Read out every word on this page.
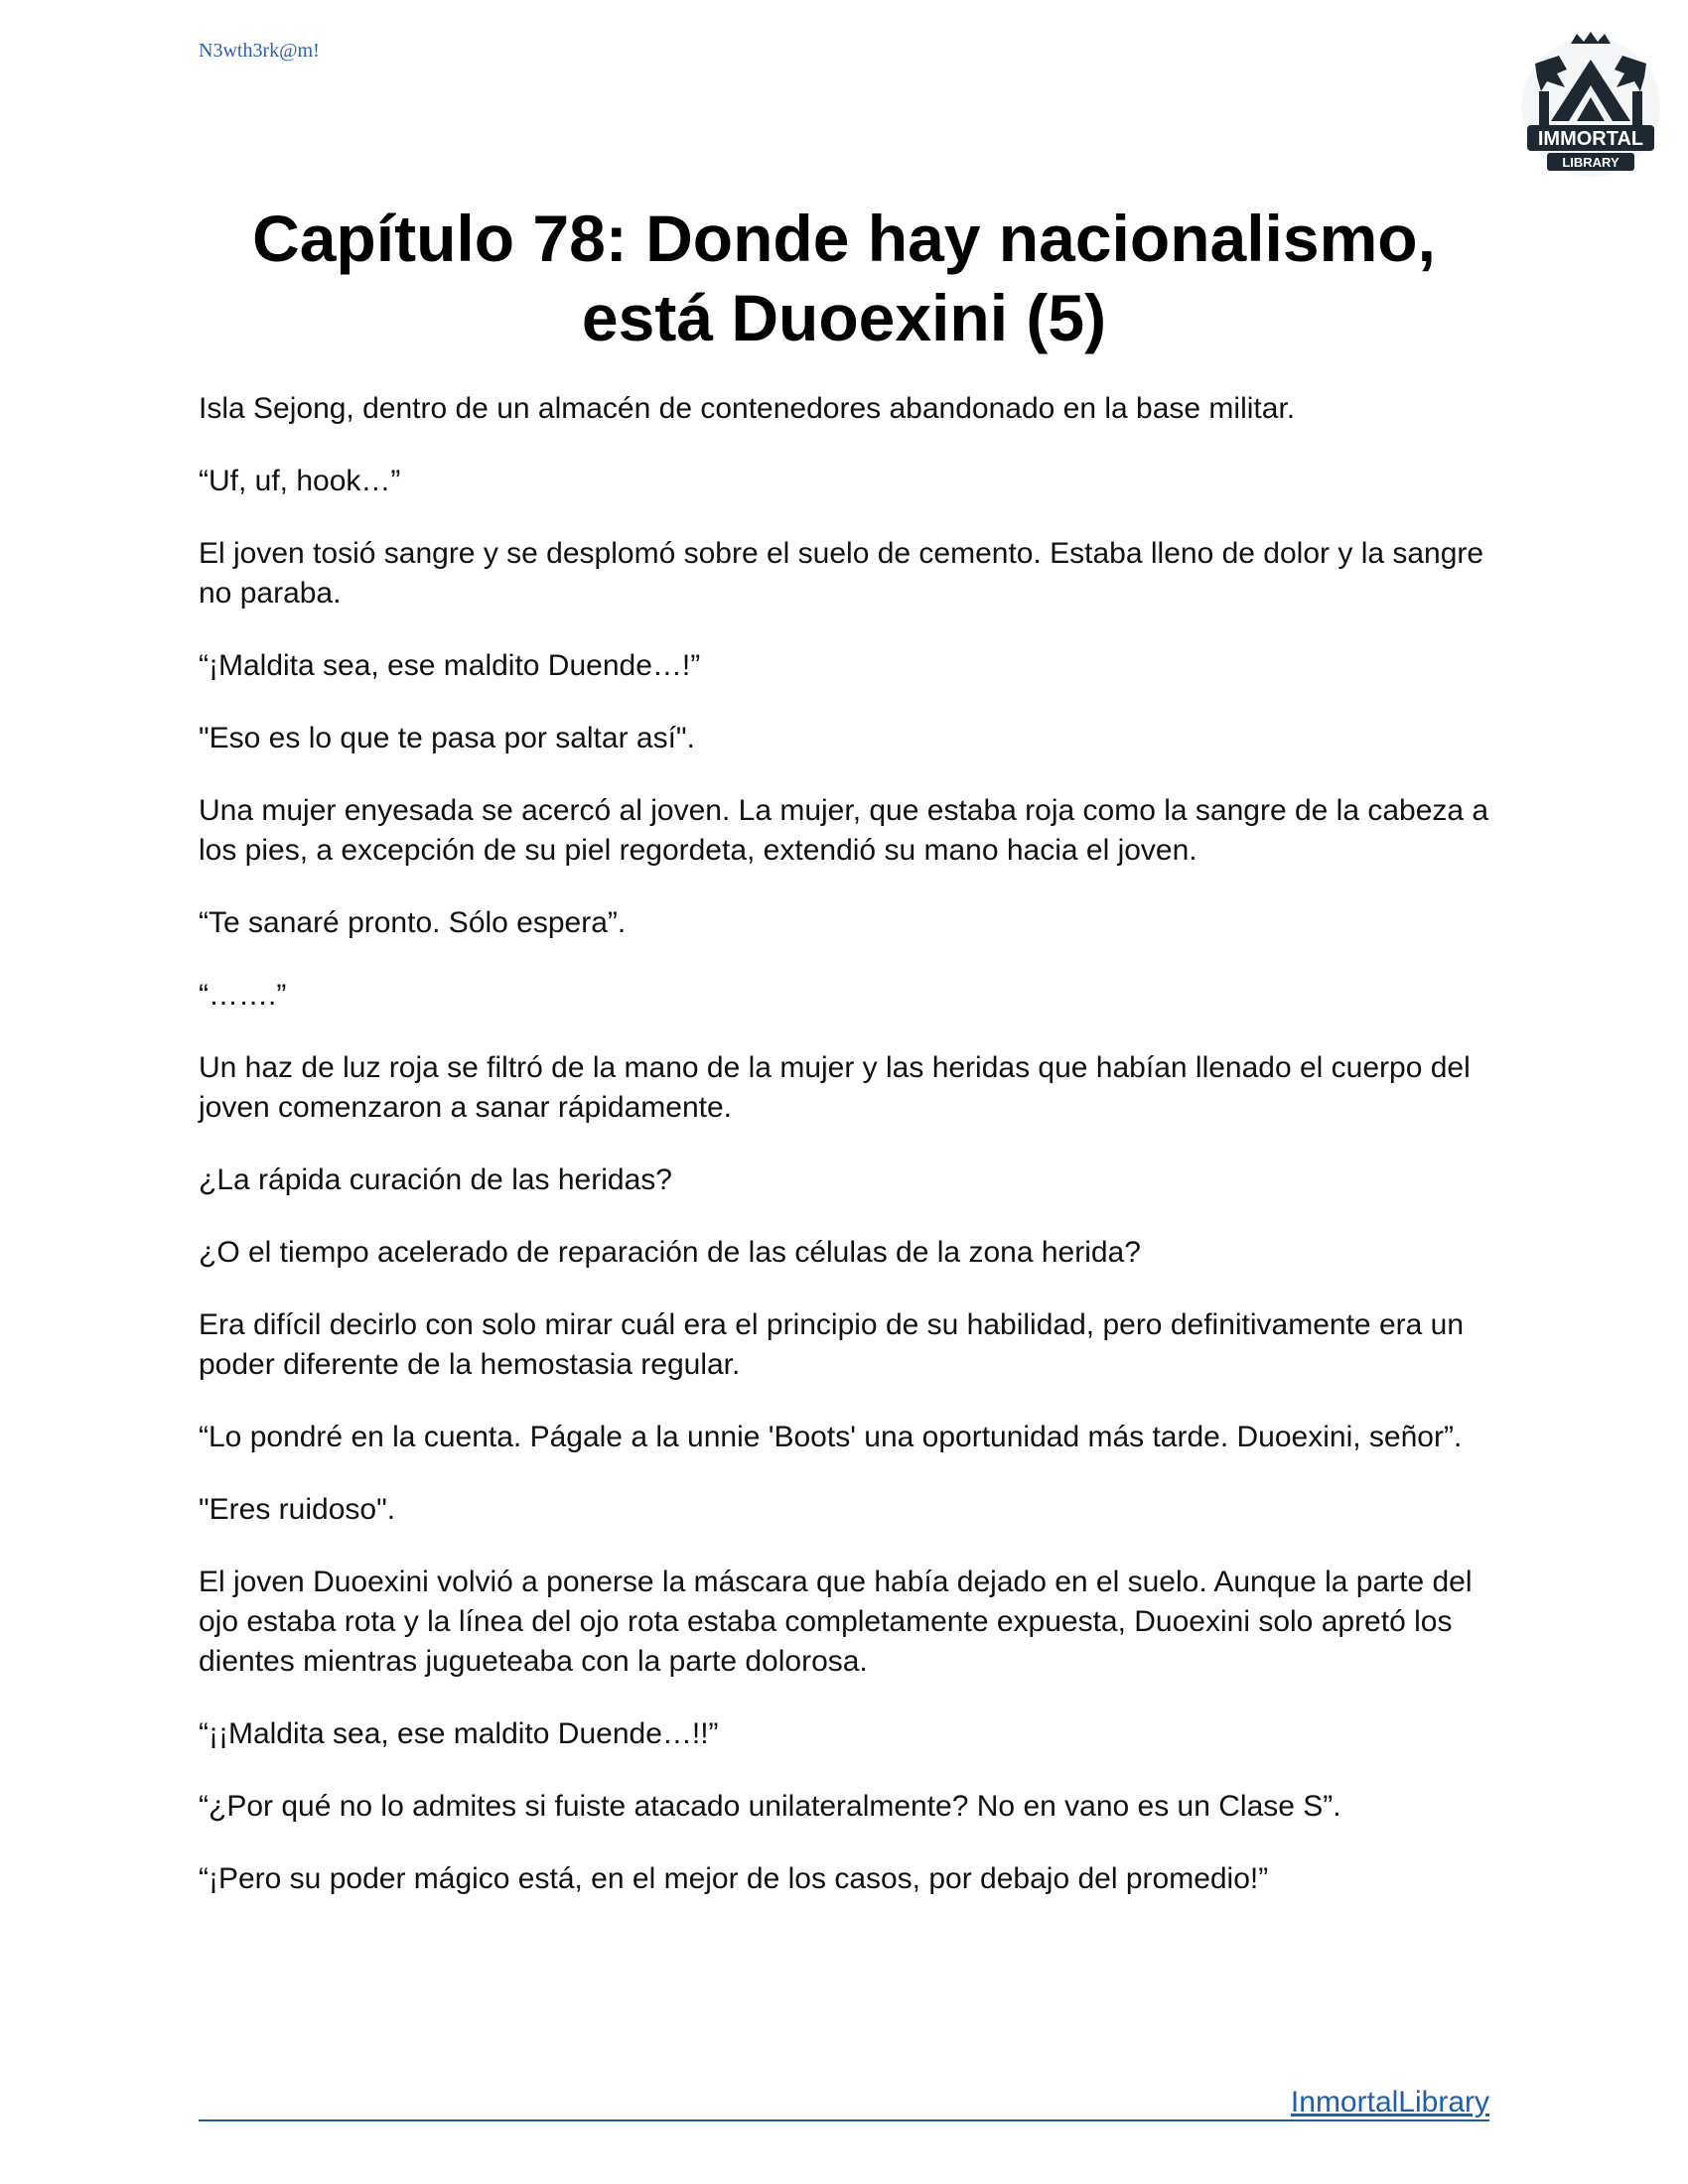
N3wth3rk@m!
IMMORTAL
LIBRARY
Capítulo 78: Donde hay nacionalismo,
está Duoexini (5)

Isla Sejong, dentro de un almacén de contenedores abandonado en la base militar.

“Uf, uf, hook…”

El joven tosió sangre y se desplomó sobre el suelo de cemento. Estaba lleno de dolor y la sangre no paraba.

“¡Maldita sea, ese maldito Duende…!”

"Eso es lo que te pasa por saltar así".

Una mujer enyesada se acercó al joven. La mujer, que estaba roja como la sangre de la cabeza a los pies, a excepción de su piel regordeta, extendió su mano hacia el joven.

“Te sanaré pronto. Sólo espera”.

“…….”

Un haz de luz roja se filtró de la mano de la mujer y las heridas que habían llenado el cuerpo del joven comenzaron a sanar rápidamente.

¿La rápida curación de las heridas?

¿O el tiempo acelerado de reparación de las células de la zona herida?

Era difícil decirlo con solo mirar cuál era el principio de su habilidad, pero definitivamente era un poder diferente de la hemostasia regular.

“Lo pondré en la cuenta. Págale a la unnie 'Boots' una oportunidad más tarde. Duoexini, señor”.

"Eres ruidoso".

El joven Duoexini volvió a ponerse la máscara que había dejado en el suelo. Aunque la parte del ojo estaba rota y la línea del ojo rota estaba completamente expuesta, Duoexini solo apretó los dientes mientras jugueteaba con la parte dolorosa.

“¡¡Maldita sea, ese maldito Duende…!!”

“¿Por qué no lo admites si fuiste atacado unilateralmente? No en vano es un Clase S”.

“¡Pero su poder mágico está, en el mejor de los casos, por debajo del promedio!”

InmortalLibrary
